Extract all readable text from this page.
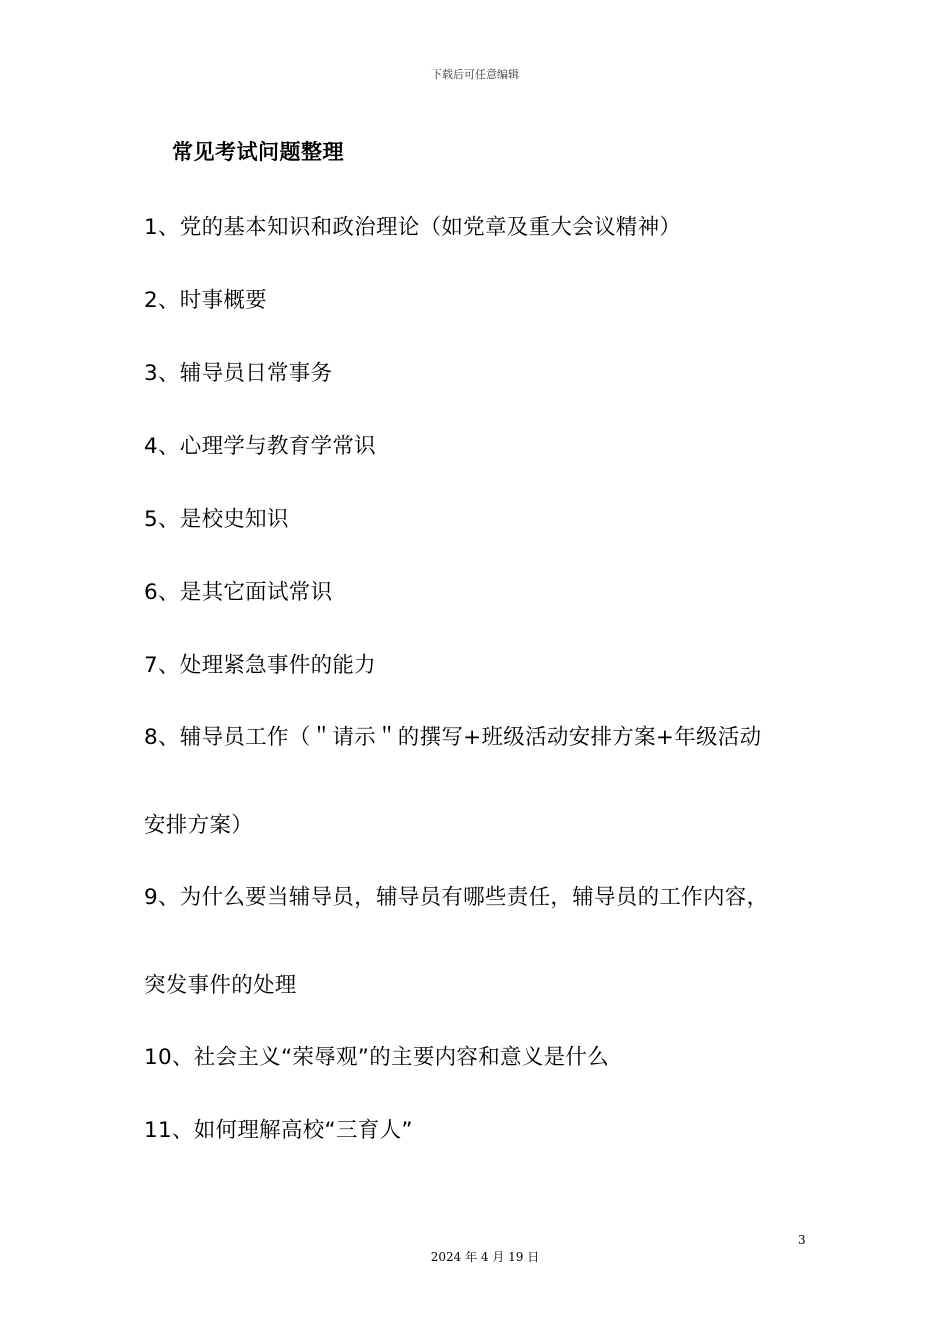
下载后可任意编辑
常见考试问题整理
1、党的基本知识和政治理论（如党章及重大会议精神）
2、时事概要
3、辅导员日常事务
4、心理学与教育学常识
5、是校史知识
6、是其它面试常识
7、处理紧急事件的能力
8、辅导员工作（＂请示＂的撰写+班级活动安排方案+年级活动
安排方案）
9、为什么要当辅导员，辅导员有哪些责任，辅导员的工作内容，
突发事件的处理
10、社会主义“荣辱观”的主要内容和意义是什么
11、如何理解高校“三育人”
3
2024 年 4 月 19 日
